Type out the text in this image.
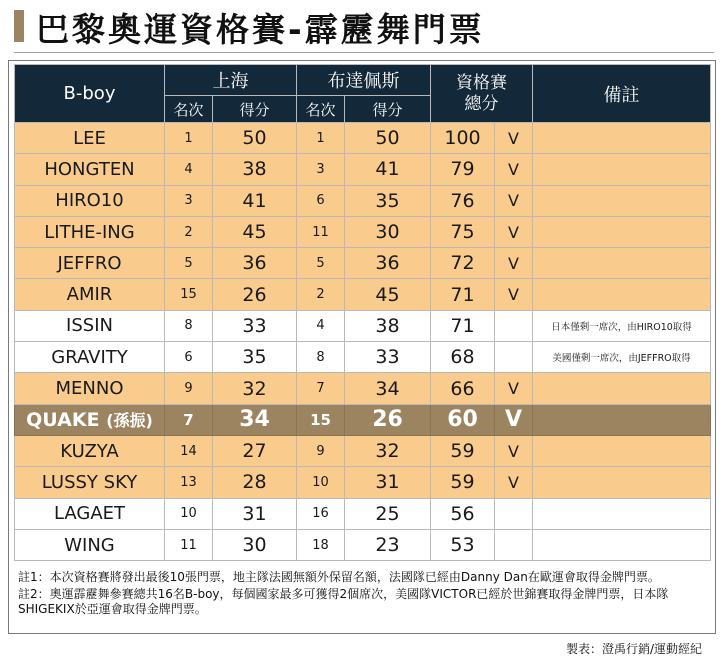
巴黎奧運資格賽-霹靂舞門票
B-boy	上海		布達佩斯		資格賽總分		備註
	名次	得分	名次	得分			
LEE	1	50	1	50	100	V	
HONGTEN	4	38	3	41	79	V	
HIRO10	3	41	6	35	76	V	
LITHE-ING	2	45	11	30	75	V	
JEFFRO	5	36	5	36	72	V	
AMIR	15	26	2	45	71	V	
ISSIN	8	33	4	38	71		日本僅剩一席次，由HIRO10取得
GRAVITY	6	35	8	33	68		美國僅剩一席次，由JEFFRO取得
MENNO	9	32	7	34	66	V	
QUAKE (孫振)	7	34	15	26	60	V	
KUZYA	14	27	9	32	59	V	
LUSSY SKY	13	28	10	31	59	V	
LAGAET	10	31	16	25	56		
WING	11	30	18	23	53		

註1：本次資格賽將發出最後10張門票，地主隊法國無額外保留名額，法國隊已經由Danny Dan在歐運會取得金牌門票。

註2：奧運霹靂舞參賽總共16名B-boy，每個國家最多可獲得2個席次，美國隊VICTOR已經於世錦賽取得金牌門票，日本隊SHIGEKIX於亞運會取得金牌門票。

製表：澄禹行銷/運動經紀
